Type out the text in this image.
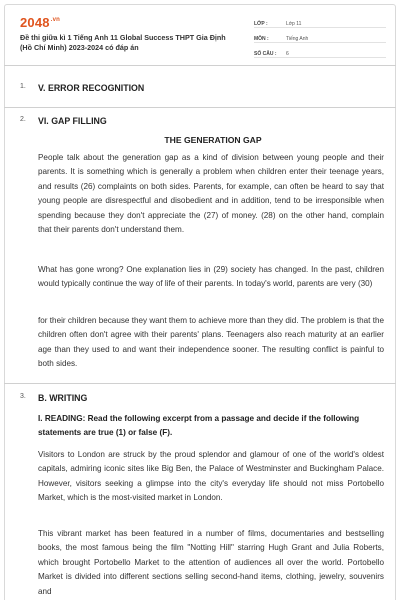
$2048^{.vn}$
Đề thi giữa kì 1 Tiếng Anh 11 Global Success THPT Gia Định (Hồ Chí Minh) 2023-2024 có đáp án
LỚP :	Lớp 11
MÔN :	Tiếng Anh
SỐ CÂU :	6
1. V. ERROR RECOGNITION
2. VI. GAP FILLING
THE GENERATION GAP

People talk about the generation gap as a kind of division between young people and their parents. It is something which is generally a problem when children enter their teenage years, and results (26) complaints on both sides. Parents, for example, can often be heard to say that young people are disrespectful and disobedient and in addition, tend to be irresponsible when spending because they don't appreciate the (27) of money. (28) on the other hand, complain that their parents don't understand them.

What has gone wrong? One explanation lies in (29) society has changed. In the past, children would typically continue the way of life of their parents. In today's world, parents are very (30)

for their children because they want them to achieve more than they did. The problem is that the children often don't agree with their parents' plans. Teenagers also reach maturity at an earlier age than they used to and want their independence sooner. The resulting conflict is painful to both sides.

3. B. WRITING

I. READING: Read the following excerpt from a passage and decide if the following statements are true (1) or false (F).

Visitors to London are struck by the proud splendor and glamour of one of the world's oldest capitals, admiring iconic sites like Big Ben, the Palace of Westminster and Buckingham Palace. However, visitors seeking a glimpse into the city's everyday life should not miss Portobello Market, which is the most-visited market in London.

This vibrant market has been featured in a number of films, documentaries and bestselling books, the most famous being the film "Notting Hill" starring Hugh Grant and Julia Roberts, which brought Portobello Market to the attention of audiences all over the world. Portobello Market is divided into different sections selling second-hand items, clothing, jewelry, souvenirs and
